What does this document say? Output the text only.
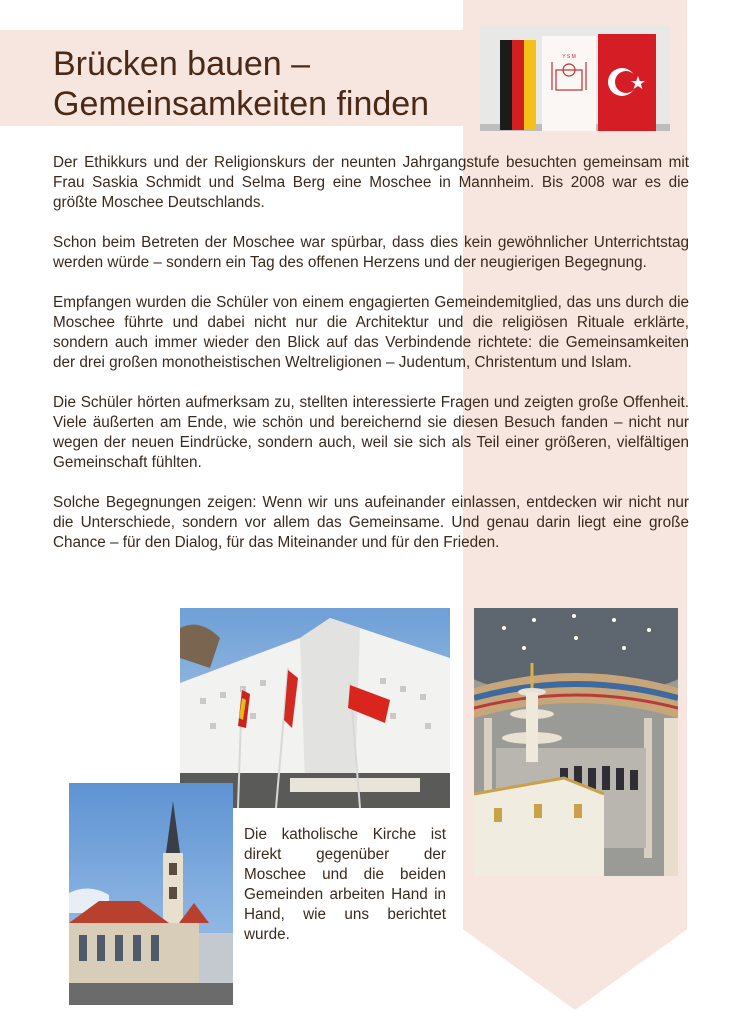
Brücken bauen –
Gemeinsamkeiten finden
Y S M

Der Ethikkurs und der Religionskurs der neunten Jahrgangstufe besuchten gemeinsam mit Frau Saskia Schmidt und Selma Berg eine Moschee in Mannheim. Bis 2008 war es die größte Moschee Deutschlands.

Schon beim Betreten der Moschee war spürbar, dass dies kein gewöhnlicher Unterrichtstag werden würde – sondern ein Tag des offenen Herzens und der neugierigen Begegnung.

Empfangen wurden die Schüler von einem engagierten Gemeindemitglied, das uns durch die Moschee führte und dabei nicht nur die Architektur und die religiösen Rituale erklärte, sondern auch immer wieder den Blick auf das Verbindende richtete: die Gemeinsamkeiten der drei großen monotheistischen Weltreligionen – Judentum, Christentum und Islam.

Die Schüler hörten aufmerksam zu, stellten interessierte Fragen und zeigten große Offenheit. Viele äußerten am Ende, wie schön und bereichernd sie diesen Besuch fanden – nicht nur wegen der neuen Eindrücke, sondern auch, weil sie sich als Teil einer größeren, vielfältigen Gemeinschaft fühlten.

Solche Begegnungen zeigen: Wenn wir uns aufeinander einlassen, entdecken wir nicht nur die Unterschiede, sondern vor allem das Gemeinsame. Und genau darin liegt eine große Chance – für den Dialog, für das Miteinander und für den Frieden.

Die katholische Kirche ist direkt gegenüber der Moschee und die beiden Gemeinden arbeiten Hand in Hand, wie uns berichtet wurde.
